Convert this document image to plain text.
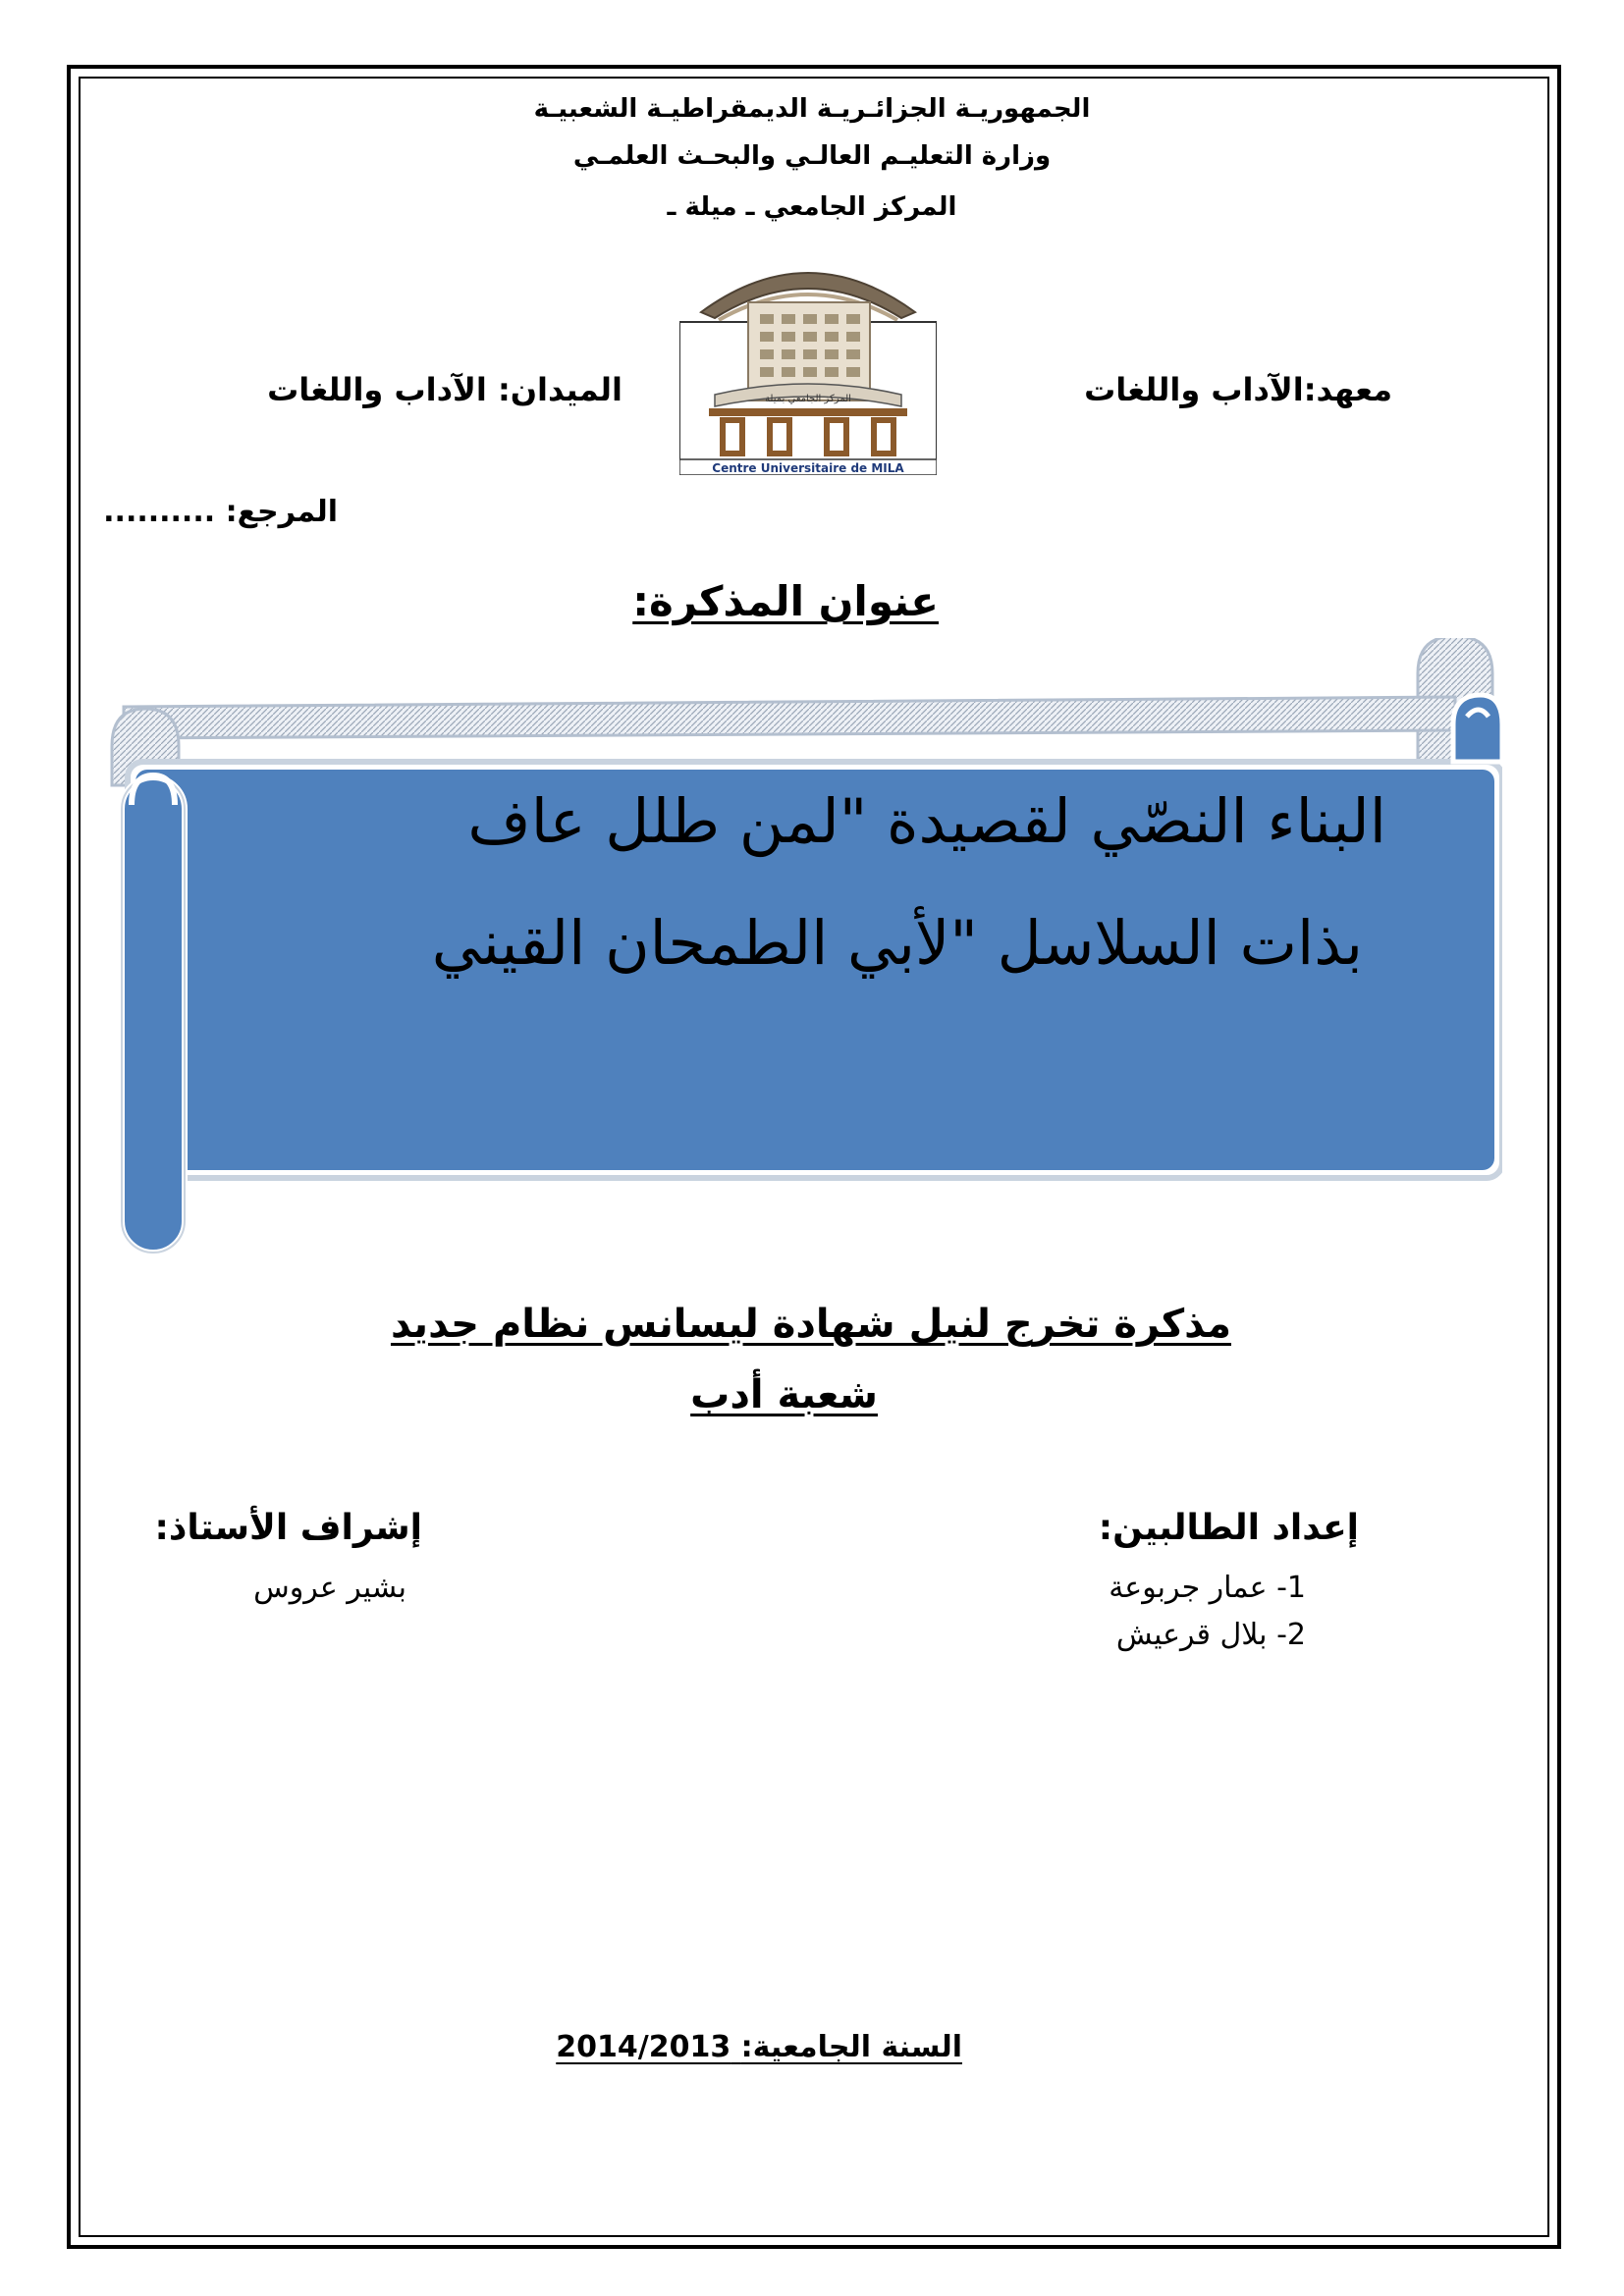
الجمهوريـة الجزائـريـة الديمقراطيـة الشعبيـة
وزارة التعليـم العالـي والبحـث العلمـي
المركز الجامعي ـ ميلة ـ
معهد:الآداب واللغات
الميدان: الآداب واللغات	المركز الجامعي بميلة
Centre Universitaire de MILA
المرجع: ..........
عنوان المذكرة:
البناء النصّي لقصيدة "لمن طلل عاف
بذات السلاسل "لأبي الطمحان القيني
مذكرة تخرج لنيل شهادة ليسانس نظام جديد
شعبة أدب
إعداد الطالبين:
1- عمار جربوعة
2- بلال قرعيش
إشراف الأستاذ:
بشير عروس
السنة الجامعية: 2014/2013
